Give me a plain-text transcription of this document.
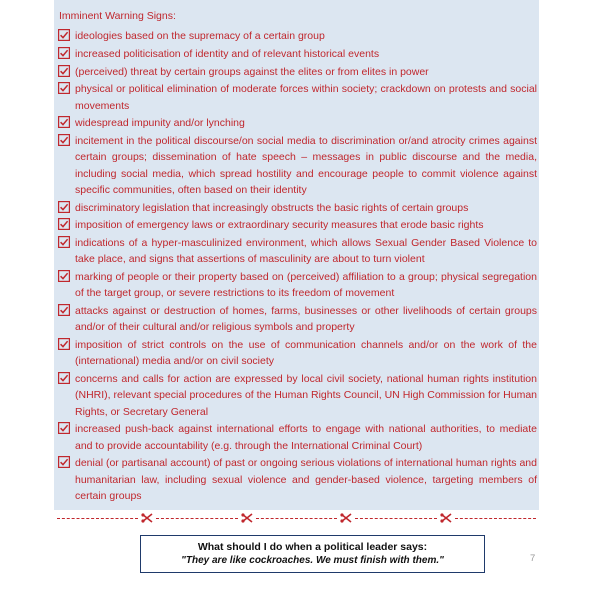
Imminent Warning Signs:

ideologies based on the supremacy of a certain group
increased politicisation of identity and of relevant historical events
(perceived) threat by certain groups against the elites or from elites in power
physical or political elimination of moderate forces within society; crackdown on protests and social movements
widespread impunity and/or lynching
incitement in the political discourse/on social media to discrimination or/and atrocity crimes against certain groups; dissemination of hate speech – messages in public discourse and the media, including social media, which spread hostility and encourage people to commit violence against specific communities, often based on their identity
discriminatory legislation that increasingly obstructs the basic rights of certain groups
imposition of emergency laws or extraordinary security measures that erode basic rights
indications of a hyper-masculinized environment, which allows Sexual Gender Based Violence to take place, and signs that assertions of masculinity are about to turn violent
marking of people or their property based on (perceived) affiliation to a group; physical segregation of the target group, or severe restrictions to its freedom of movement
attacks against or destruction of homes, farms, businesses or other livelihoods of certain groups and/or of their cultural and/or religious symbols and property
imposition of strict controls on the use of communication channels and/or on the work of the (international) media and/or on civil society
concerns and calls for action are expressed by local civil society, national human rights institution (NHRI), relevant special procedures of the Human Rights Council, UN High Commission for Human Rights, or Secretary General
increased push-back against international efforts to engage with national authorities, to mediate and to provide accountability (e.g. through the International Criminal Court)
denial (or partisanal account) of past or ongoing serious violations of international human rights and humanitarian law, including sexual violence and gender-based violence, targeting members of certain groups
What should I do when a political leader says:
"They are like cockroaches. We must finish with them."	7
